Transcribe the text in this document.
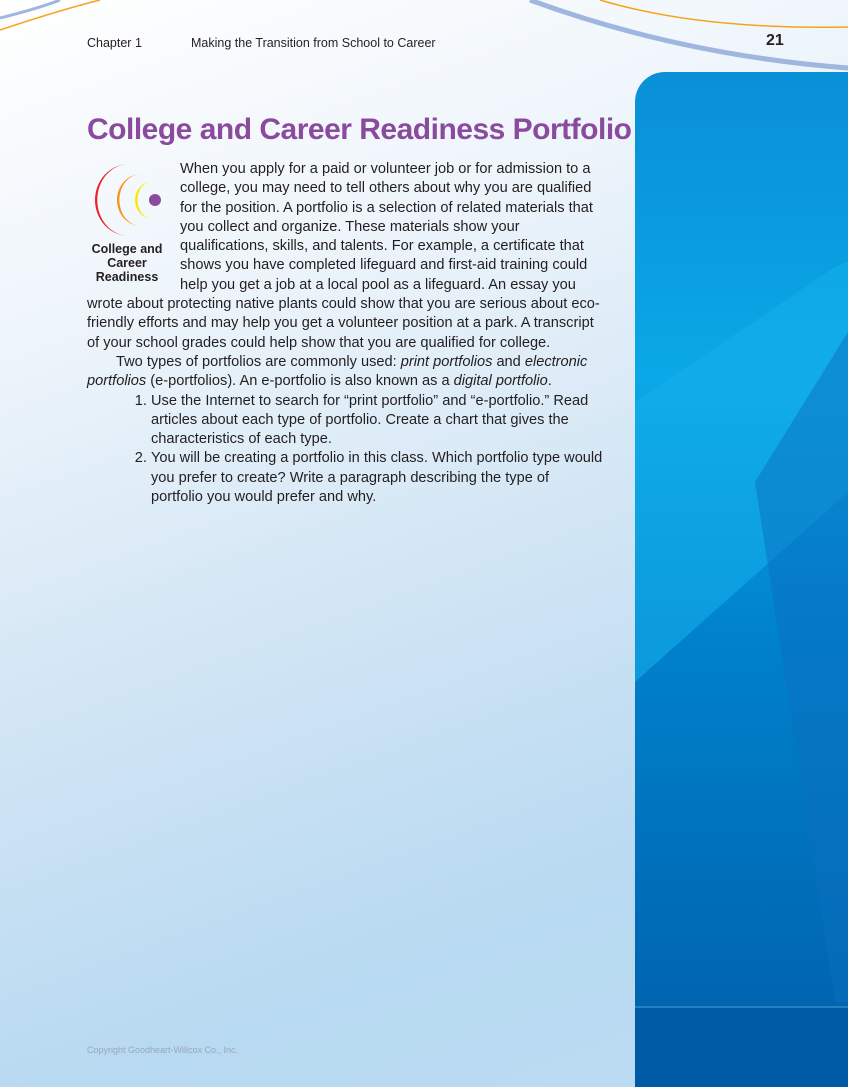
Chapter 1	Making the Transition from School to Career	21
College and Career Readiness Portfolio
College and Career Readiness

When you apply for a paid or volunteer job or for admission to a college, you may need to tell others about why you are qualified for the position. A portfolio is a selection of related materials that you collect and organize. These materials show your qualifications, skills, and talents. For example, a certificate that shows you have completed lifeguard and first-aid training could help you get a job at a local pool as a lifeguard. An essay you wrote about protecting native plants could show that you are serious about eco-friendly efforts and may help you get a volunteer position at a park. A transcript of your school grades could help show that you are qualified for college.

Two types of portfolios are commonly used: print portfolios and electronic portfolios (e-portfolios). An e-portfolio is also known as a digital portfolio.

1. Use the Internet to search for “print portfolio” and “e-portfolio.” Read articles about each type of portfolio. Create a chart that gives the characteristics of each type.
2. You will be creating a portfolio in this class. Which portfolio type would you prefer to create? Write a paragraph describing the type of portfolio you would prefer and why.
Copyright Goodheart-Willcox Co., Inc.
